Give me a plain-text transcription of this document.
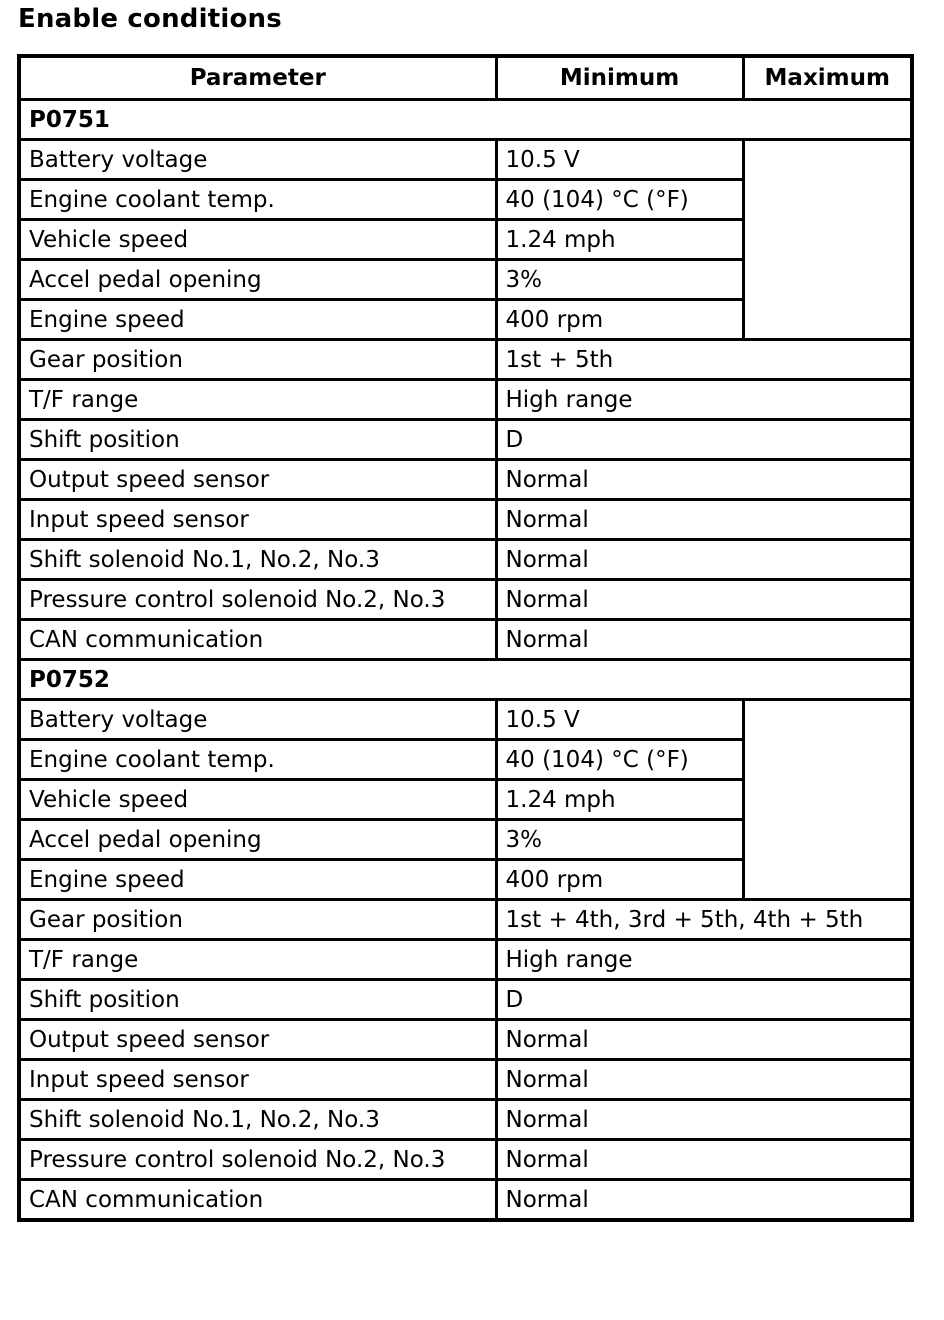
Enable conditions
Parameter	Minimum	Maximum
P0751		
Battery voltage	10.5 V	
Engine coolant temp.	40 (104) °C (°F)	
Vehicle speed	1.24 mph	
Accel pedal opening	3%	
Engine speed	400 rpm	
Gear position	1st + 5th	
T/F range	High range	
Shift position	D	
Output speed sensor	Normal	
Input speed sensor	Normal	
Shift solenoid No.1, No.2, No.3	Normal	
Pressure control solenoid No.2, No.3	Normal	
CAN communication	Normal	
P0752		
Battery voltage	10.5 V	
Engine coolant temp.	40 (104) °C (°F)	
Vehicle speed	1.24 mph	
Accel pedal opening	3%	
Engine speed	400 rpm	
Gear position	1st + 4th, 3rd + 5th, 4th + 5th	
T/F range	High range	
Shift position	D	
Output speed sensor	Normal	
Input speed sensor	Normal	
Shift solenoid No.1, No.2, No.3	Normal	
Pressure control solenoid No.2, No.3	Normal	
CAN communication	Normal	
